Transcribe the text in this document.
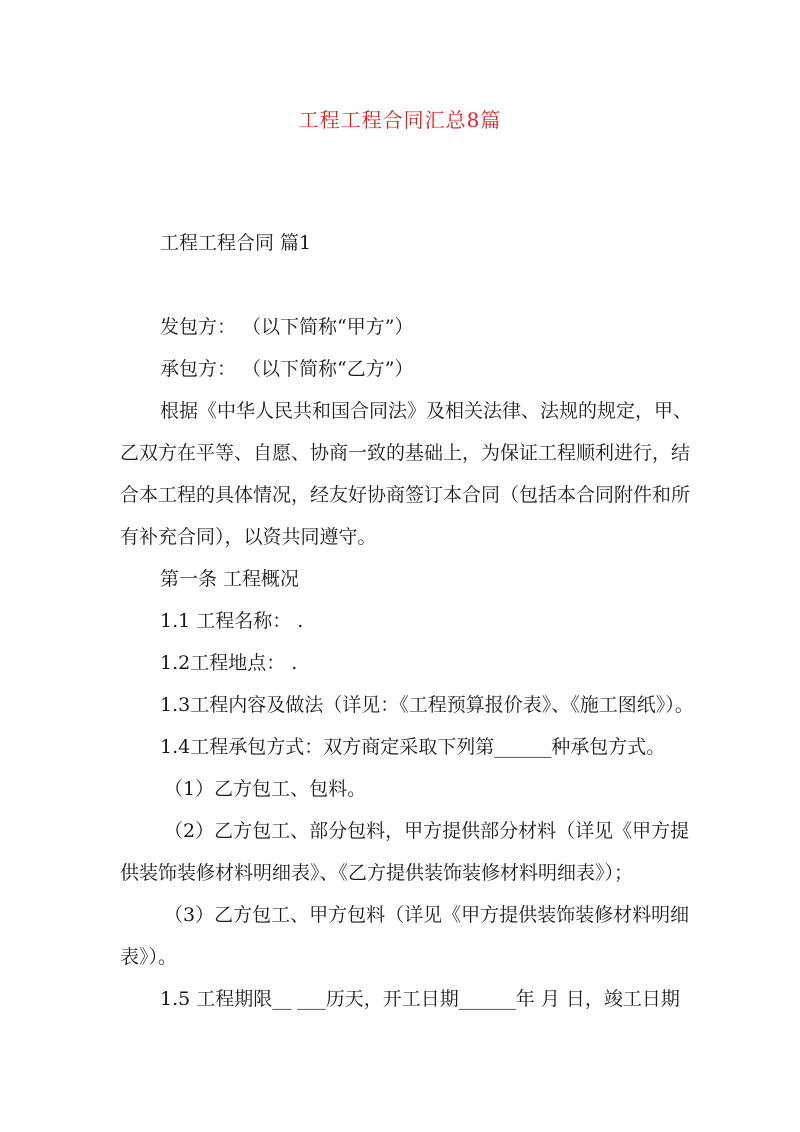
工程工程合同汇总8篇
工程工程合同 篇1
发包方： （以下简称“甲方”）
承包方： （以下简称“乙方”）
根据《中华人民共和国合同法》及相关法律、法规的规定，甲、
乙双方在平等、自愿、协商一致的基础上，为保证工程顺利进行，结
合本工程的具体情况，经友好协商签订本合同（包括本合同附件和所
有补充合同），以资共同遵守。
第一条 工程概况
1.1 工程名称： .
1.2工程地点： .
1.3工程内容及做法（详见：《工程预算报价表》、《施工图纸》）。
1.4工程承包方式：双方商定采取下列第______种承包方式。
（1）乙方包工、包料。
（2）乙方包工、部分包料，甲方提供部分材料（详见《甲方提
供装饰装修材料明细表》、《乙方提供装饰装修材料明细表》）；
（3）乙方包工、甲方包料（详见《甲方提供装饰装修材料明细
表》）。
1.5 工程期限__ ___历天，开工日期______年 月 日，竣工日期
